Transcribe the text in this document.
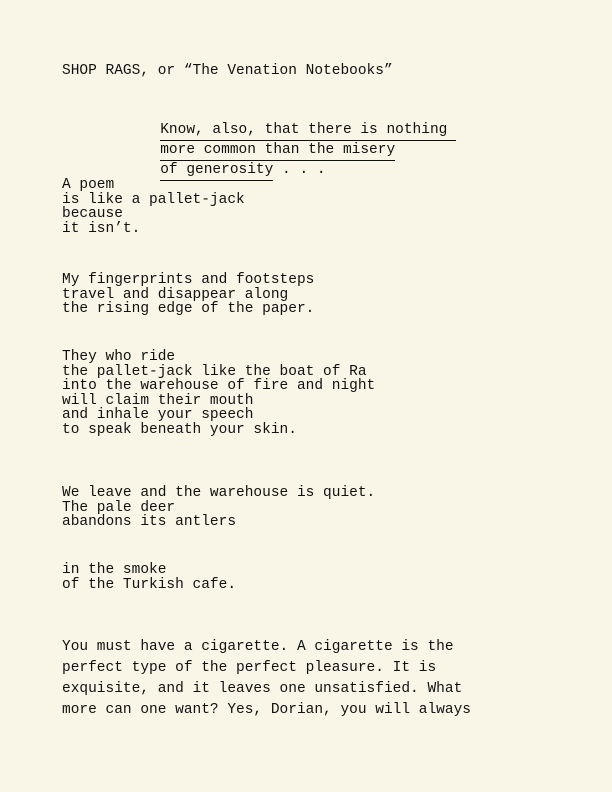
SHOP RAGS, or “The Venation Notebooks”

Know, also, that there is nothing

more common than the misery

of generosity . . .

A poem
is like a pallet-jack
because
it isn’t.
My fingerprints and footsteps
travel and disappear along
the rising edge of the paper.
They who ride
the pallet-jack like the boat of Ra
into the warehouse of fire and night
will claim their mouth
and inhale your speech
to speak beneath your skin.
We leave and the warehouse is quiet.
The pale deer
abandons its antlers
in the smoke
of the Turkish cafe.
You must have a cigarette. A cigarette is the
perfect type of the perfect pleasure. It is
exquisite, and it leaves one unsatisfied. What
more can one want? Yes, Dorian, you will always
